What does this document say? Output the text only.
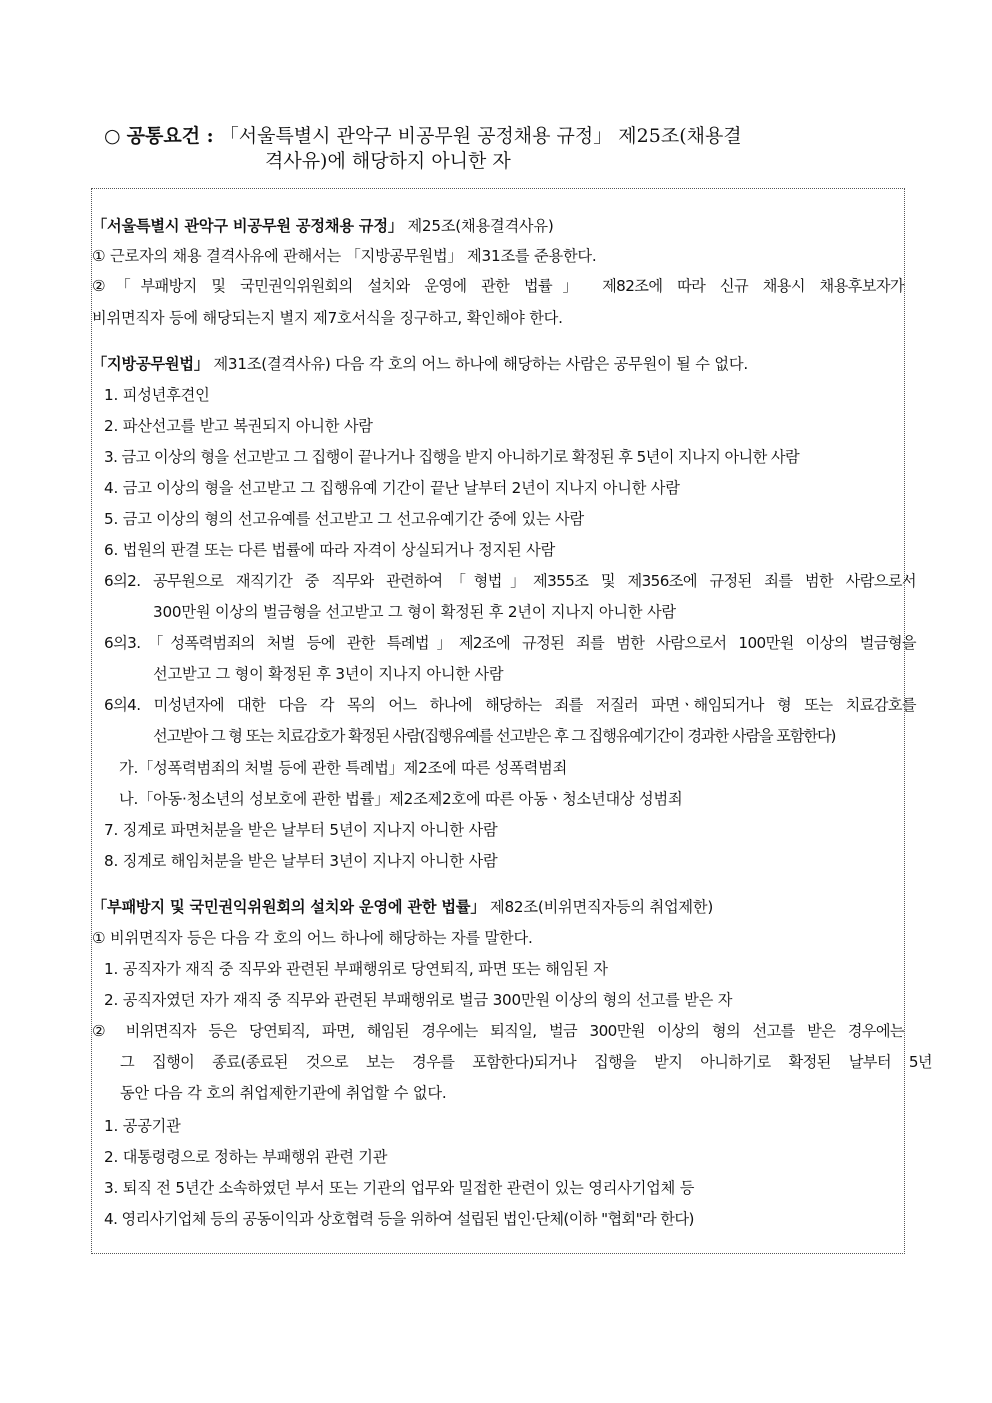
○ 공통요건 : 「서울특별시 관악구 비공무원 공정채용 규정」 제25조(채용결
격사유)에 해당하지 아니한 자
「서울특별시 관악구 비공무원 공정채용 규정」 제25조(채용결격사유)
① 근로자의 채용 결격사유에 관해서는 「지방공무원법」 제31조를 준용한다.
②「부패방지 및 국민권익위원회의 설치와 운영에 관한 법률」 제82조에 따라 신규 채용시 채용후보자가
비위면직자 등에 해당되는지 별지 제7호서식을 징구하고, 확인해야 한다.
「지방공무원법」 제31조(결격사유) 다음 각 호의 어느 하나에 해당하는 사람은 공무원이 될 수 없다.
1. 피성년후견인
2. 파산선고를 받고 복권되지 아니한 사람
3. 금고 이상의 형을 선고받고 그 집행이 끝나거나 집행을 받지 아니하기로 확정된 후 5년이 지나지 아니한 사람
4. 금고 이상의 형을 선고받고 그 집행유예 기간이 끝난 날부터 2년이 지나지 아니한 사람
5. 금고 이상의 형의 선고유예를 선고받고 그 선고유예기간 중에 있는 사람
6. 법원의 판결 또는 다른 법률에 따라 자격이 상실되거나 정지된 사람
6의2. 공무원으로 재직기간 중 직무와 관련하여「형법」제355조 및 제356조에 규정된 죄를 범한 사람으로서
300만원 이상의 벌금형을 선고받고 그 형이 확정된 후 2년이 지나지 아니한 사람
6의3.「성폭력범죄의 처벌 등에 관한 특례법」제2조에 규정된 죄를 범한 사람으로서 100만원 이상의 벌금형을
선고받고 그 형이 확정된 후 3년이 지나지 아니한 사람
6의4. 미성년자에 대한 다음 각 목의 어느 하나에 해당하는 죄를 저질러 파면ㆍ해임되거나 형 또는 치료감호를
선고받아 그 형 또는 치료감호가 확정된 사람(집행유예를 선고받은 후 그 집행유예기간이 경과한 사람을 포함한다)
가.「성폭력범죄의 처벌 등에 관한 특례법」제2조에 따른 성폭력범죄
나.「아동·청소년의 성보호에 관한 법률」제2조제2호에 따른 아동ㆍ청소년대상 성범죄
7. 징계로 파면처분을 받은 날부터 5년이 지나지 아니한 사람
8. 징계로 해임처분을 받은 날부터 3년이 지나지 아니한 사람
「부패방지 및 국민권익위원회의 설치와 운영에 관한 법률」 제82조(비위면직자등의 취업제한)
① 비위면직자 등은 다음 각 호의 어느 하나에 해당하는 자를 말한다.
1. 공직자가 재직 중 직무와 관련된 부패행위로 당연퇴직, 파면 또는 해임된 자
2. 공직자였던 자가 재직 중 직무와 관련된 부패행위로 벌금 300만원 이상의 형의 선고를 받은 자
② 비위면직자 등은 당연퇴직, 파면, 해임된 경우에는 퇴직일, 벌금 300만원 이상의 형의 선고를 받은 경우에는
그 집행이 종료(종료된 것으로 보는 경우를 포함한다)되거나 집행을 받지 아니하기로 확정된 날부터 5년
동안 다음 각 호의 취업제한기관에 취업할 수 없다.
1. 공공기관
2. 대통령령으로 정하는 부패행위 관련 기관
3. 퇴직 전 5년간 소속하였던 부서 또는 기관의 업무와 밀접한 관련이 있는 영리사기업체 등
4. 영리사기업체 등의 공동이익과 상호협력 등을 위하여 설립된 법인·단체(이하 "협회"라 한다)
